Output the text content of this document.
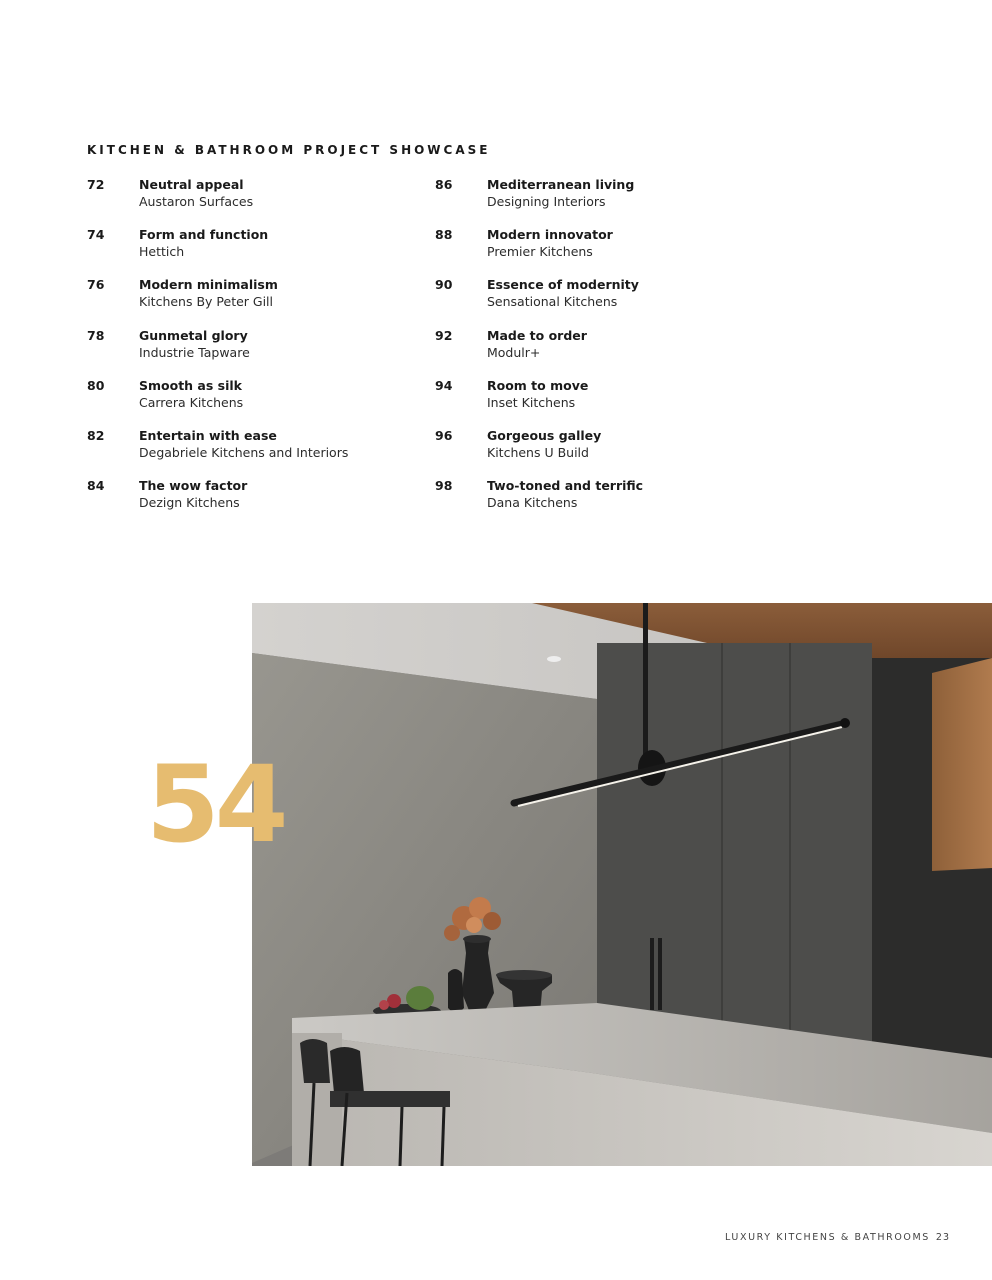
KITCHEN & BATHROOM PROJECT SHOWCASE
72	Neutral appeal
Austaron Surfaces
74	Form and function
Hettich
76	Modern minimalism
Kitchens By Peter Gill
78	Gunmetal glory
Industrie Tapware
80	Smooth as silk
Carrera Kitchens
82	Entertain with ease
Degabriele Kitchens and Interiors
84	The wow factor
Dezign Kitchens
86	Mediterranean living
Designing Interiors
88	Modern innovator
Premier Kitchens
90	Essence of modernity
Sensational Kitchens
92	Made to order
Modulr+
94	Room to move
Inset Kitchens
96	Gorgeous galley
Kitchens U Build
98	Two-toned and terrific
Dana Kitchens

54

LUXURY KITCHENS & BATHROOMS 23
